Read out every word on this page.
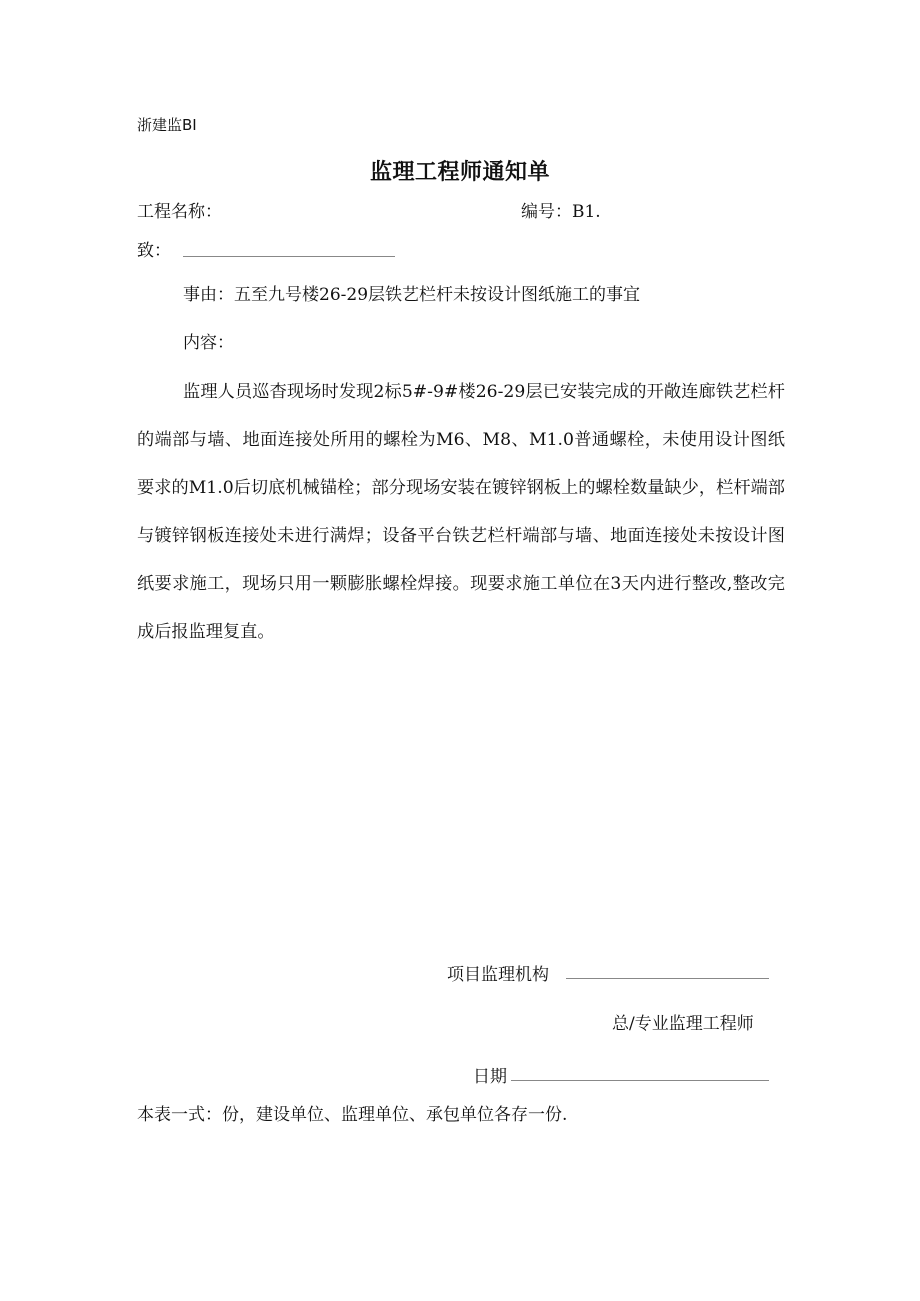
浙建监BI
监理工程师通知单
工程名称：	编号：B1.
致：
事由：五至九号楼26-29层铁艺栏杆未按设计图纸施工的事宜
内容：

监理人员巡杳现场时发现2标5#-9#楼26-29层已安装完成的开敞连廊铁艺栏杆的端部与墙、地面连接处所用的螺栓为M6、M8、M1.0普通螺栓，未使用设计图纸要求的M1.0后切底机械锚栓；部分现场安装在镀锌钢板上的螺栓数量缺少，栏杆端部与镀锌钢板连接处未进行满焊；设备平台铁艺栏杆端部与墙、地面连接处未按设计图纸要求施工，现场只用一颗膨胀螺栓焊接。现要求施工单位在3天内进行整改,整改完成后报监理复直。

项目监理机构
总/专业监理工程师
日期
本表一式：份，建设单位、监理单位、承包单位各存一份.
